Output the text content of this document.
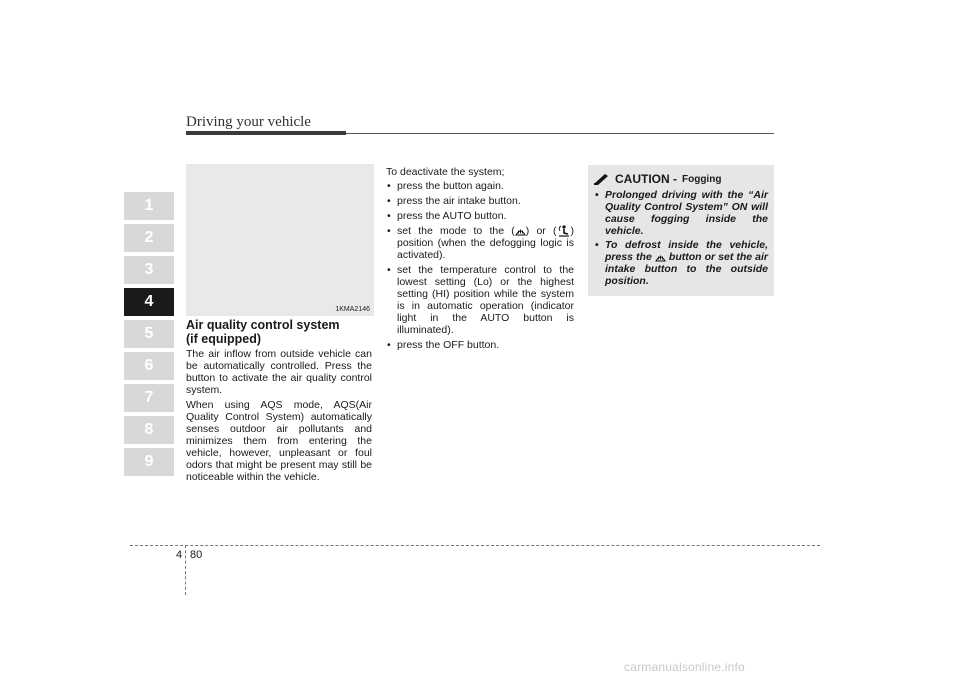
Driving your vehicle
1
2
3
4
5
6
7
8
9
1KMA2146
Air quality control system
(if equipped)
The air inflow from outside vehicle can be automatically controlled. Press the button to activate the air quality control system.
When using AQS mode, AQS(Air Quality Control System) automatically senses outdoor air pollutants and minimizes them from entering the vehicle, however, unpleasant or foul odors that might be present may still be noticeable within the vehicle.
To deactivate the system;
• press the button again.
• press the air intake button.
• press the AUTO button.
• set the mode to the ( ) or ( ) position (when the defogging logic is activated).
• set the temperature control to the lowest setting (Lo) or the highest setting (HI) position while the system is in automatic operation (indicator light in the AUTO button is illuminated).
• press the OFF button.
CAUTION - Fogging
• Prolonged driving with the “Air Quality Control System” ON will cause fogging inside the vehicle.
• To defrost inside the vehicle, press the button or set the air intake button to the outside position.
4 80
carmanualsonline.info
